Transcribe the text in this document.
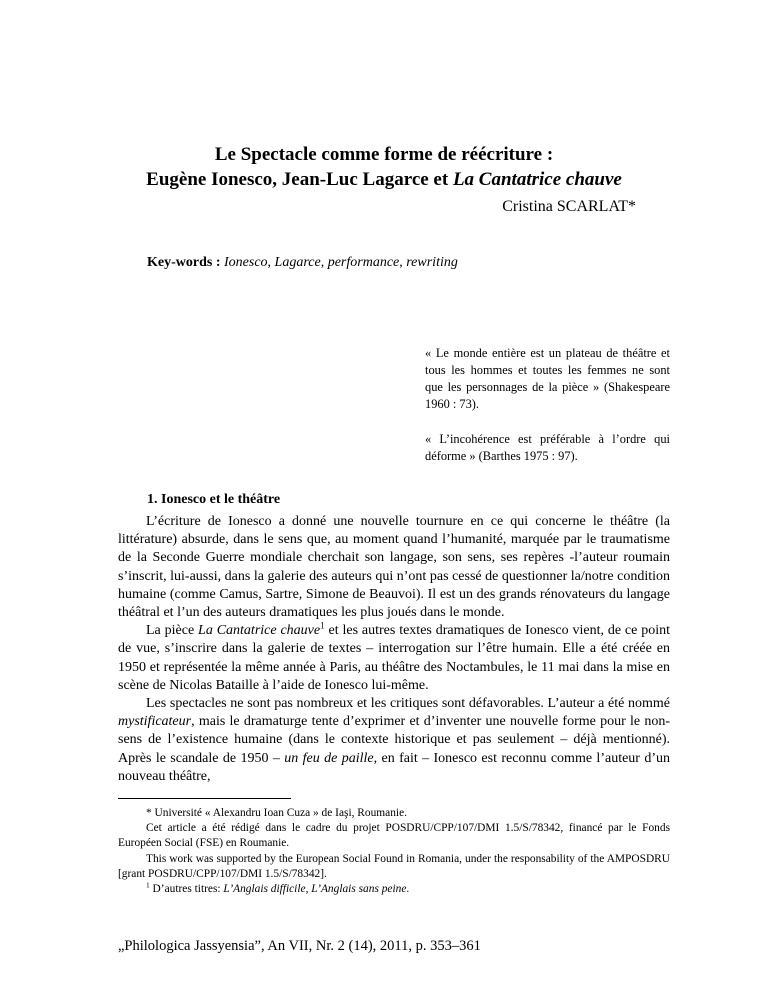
Le Spectacle comme forme de réécriture :
Eugène Ionesco, Jean-Luc Lagarce et La Cantatrice chauve
Cristina SCARLAT*
Key-words : Ionesco, Lagarce, performance, rewriting
« Le monde entière est un plateau de théâtre et tous les hommes et toutes les femmes ne sont que les personnages de la pièce » (Shakespeare 1960 : 73).
« L’incohérence est préférable à l’ordre qui déforme » (Barthes 1975 : 97).
1. Ionesco et le théâtre

L’écriture de Ionesco a donné une nouvelle tournure en ce qui concerne le théâtre (la littérature) absurde, dans le sens que, au moment quand l’humanité, marquée par le traumatisme de la Seconde Guerre mondiale cherchait son langage, son sens, ses repères -l’auteur roumain s’inscrit, lui-aussi, dans la galerie des auteurs qui n’ont pas cessé de questionner la/notre condition humaine (comme Camus, Sartre, Simone de Beauvoi). Il est un des grands rénovateurs du langage théâtral et l’un des auteurs dramatiques les plus joués dans le monde.

La pièce La Cantatrice chauve$^1$ et les autres textes dramatiques de Ionesco vient, de ce point de vue, s’inscrire dans la galerie de textes – interrogation sur l’être humain. Elle a été créée en 1950 et représentée la même année à Paris, au théâtre des Noctambules, le 11 mai dans la mise en scène de Nicolas Bataille à l’aide de Ionesco lui-même.

Les spectacles ne sont pas nombreux et les critiques sont défavorables. L’auteur a été nommé mystificateur, mais le dramaturge tente d’exprimer et d’inventer une nouvelle forme pour le non-sens de l’existence humaine (dans le contexte historique et pas seulement – déjà mentionné). Après le scandale de 1950 – un feu de paille, en fait – Ionesco est reconnu comme l’auteur d’un nouveau théâtre,

* Université « Alexandru Ioan Cuza » de Iaşi, Roumanie.

Cet article a été rédigé dans le cadre du projet POSDRU/CPP/107/DMI 1.5/S/78342, financé par le Fonds Européen Social (FSE) en Roumanie.

This work was supported by the European Social Found in Romania, under the responsability of the AMPOSDRU [grant POSDRU/CPP/107/DMI 1.5/S/78342].

$^1$ D’autres titres: L’Anglais difficile, L’Anglais sans peine.

„Philologica Jassyensia”, An VII, Nr. 2 (14), 2011, p. 353–361
